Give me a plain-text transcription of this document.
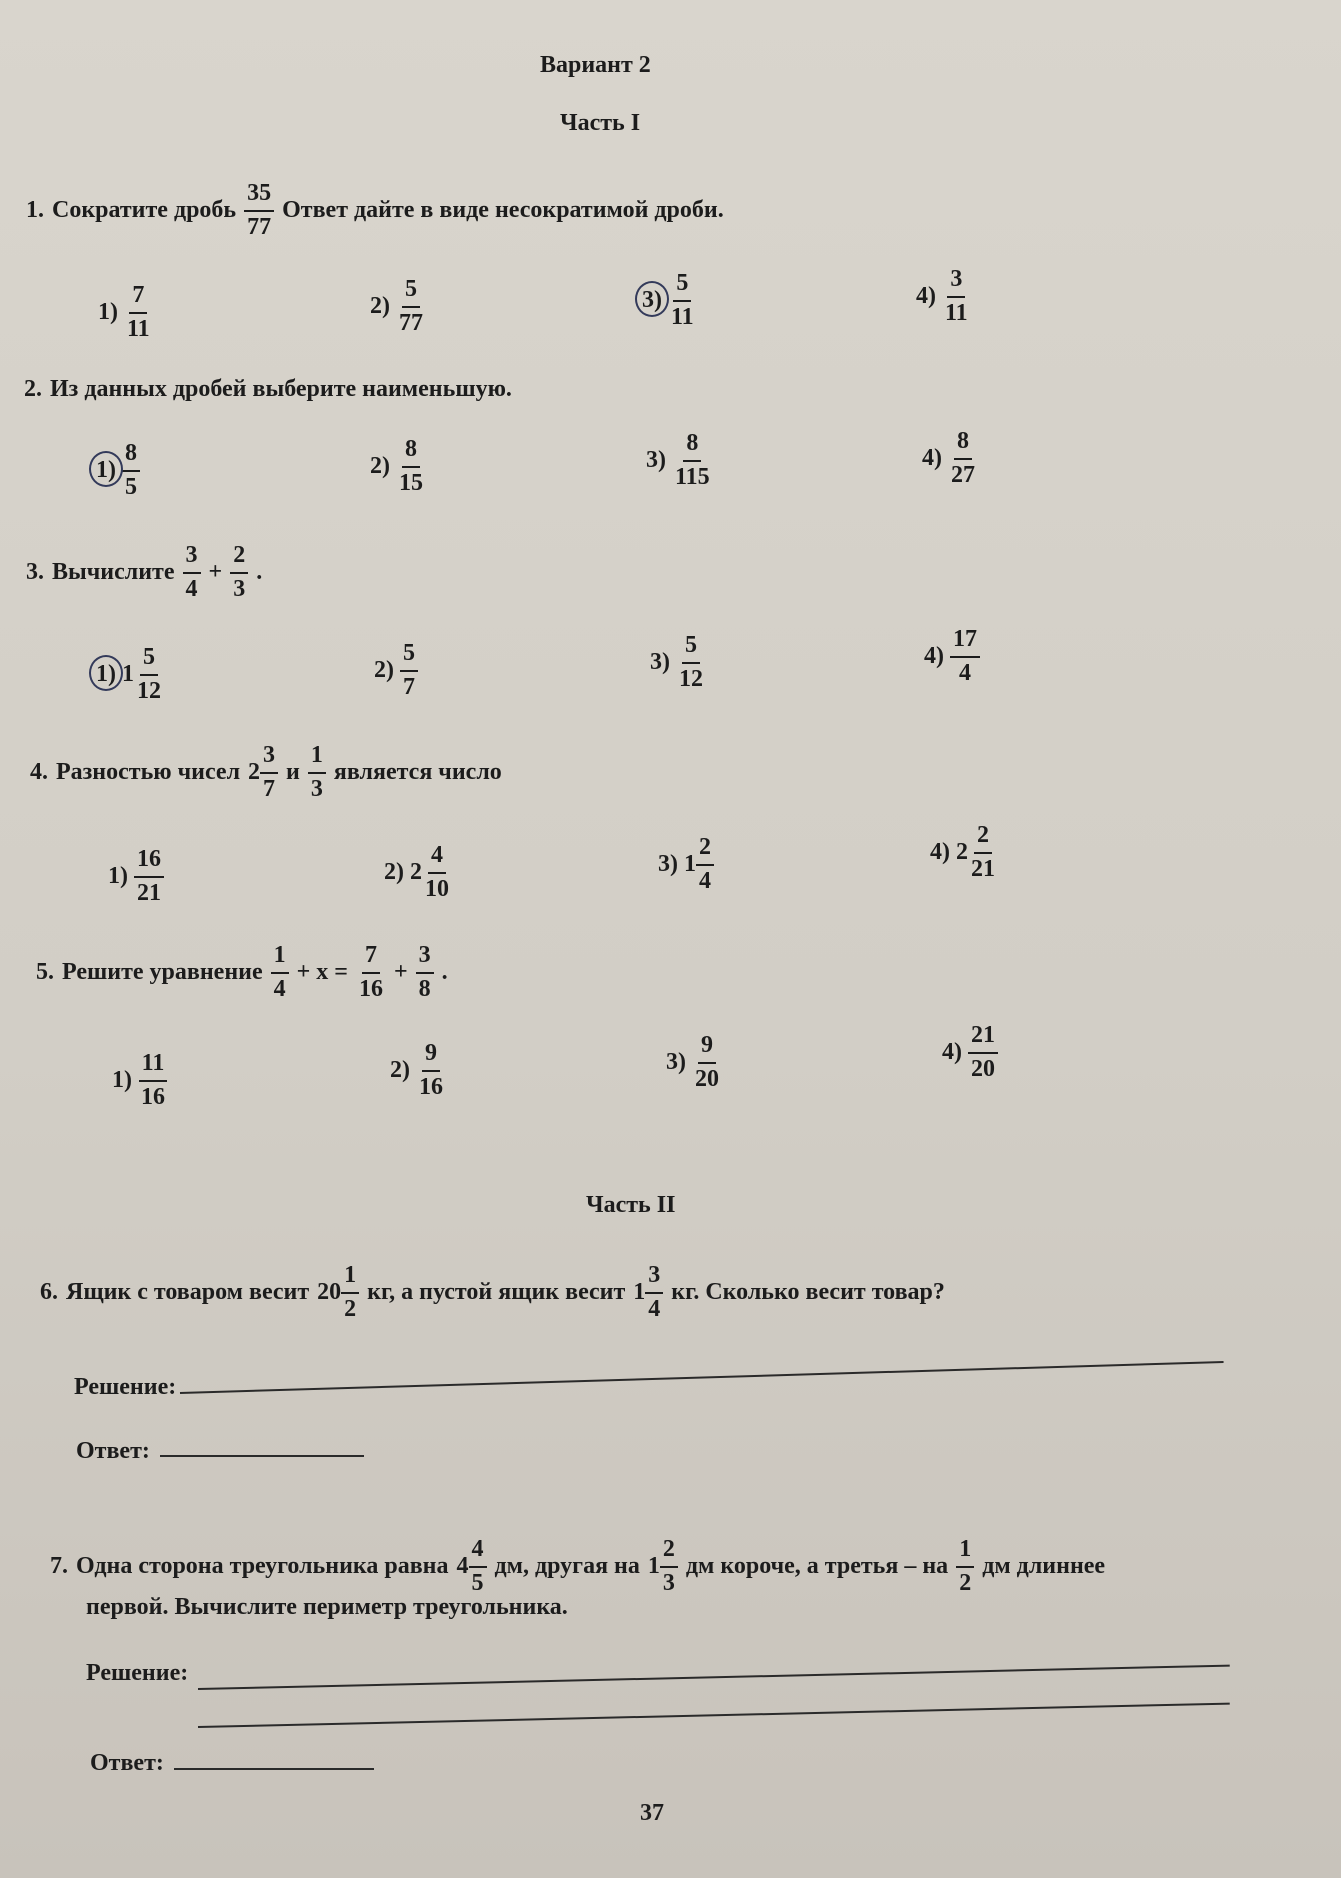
Вариант 2
Часть I
1. Сократите дробь $\frac{35}{77}$ Ответ дайте в виде несократимой дроби.
$1) \frac{7}{11}$	$2) \frac{5}{77}$	$3) \frac{5}{11}$	$4) \frac{3}{11}$
2. Из данных дробей выберите наименьшую.
$1) \frac{8}{5}$	$2) \frac{8}{15}$	$3) \frac{8}{115}$	$4) \frac{8}{27}$
3. Вычислите $\frac{3}{4} + \frac{2}{3}$ .
1) $1 \frac{5}{12}$	$2) \frac{5}{7}$	$3) \frac{5}{12}$	$4) \frac{17}{4}$
4. Разностью чисел $2 \frac{3}{7}$ и $\frac{1}{3}$ является число
$1) \frac{16}{21}$	2) $2 \frac{4}{10}$	3) $1 \frac{2}{4}$	4) $2 \frac{2}{21}$
5. Решите уравнение $\frac{1}{4} + x = \frac{7}{16} + \frac{3}{8}$ .
$1) \frac{11}{16}$	$2) \frac{9}{16}$	$3) \frac{9}{20}$	$4) \frac{21}{20}$
Часть II
6. Ящик с товаром весит $20 \frac{1}{2}$ кг, а пустой ящик весит $1 \frac{3}{4}$ кг. Сколько весит товар?
Решение:
Ответ:
7. Одна сторона треугольника равна $4 \frac{4}{5}$ дм, другая на $1 \frac{2}{3}$ дм короче, а третья – на $\frac{1}{2}$ дм длиннее
первой. Вычислите периметр треугольника.
Решение:
Ответ:
37
